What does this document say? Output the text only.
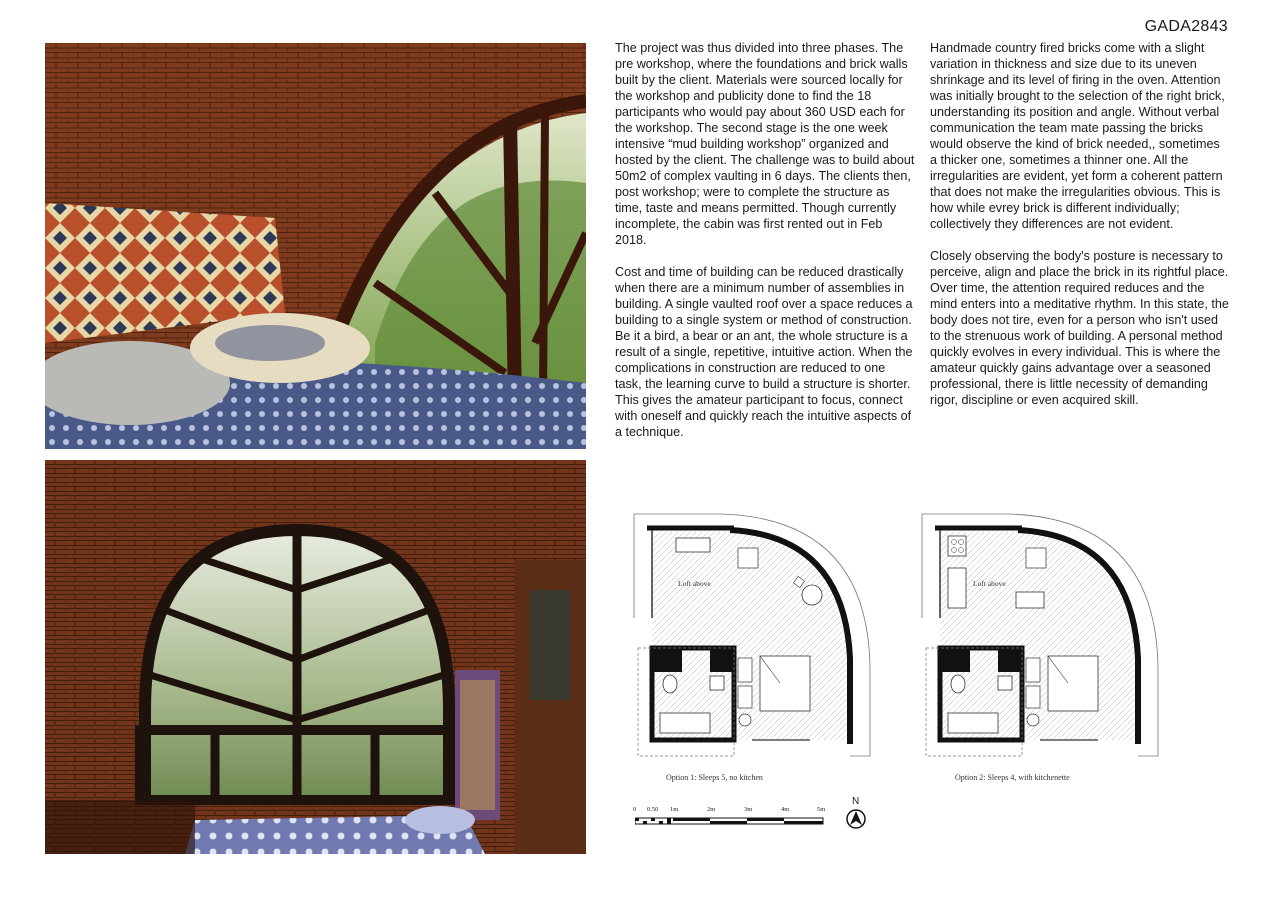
GADA2843

The project was thus divided into three phases. The pre workshop, where the foundations and brick walls built by the client. Materials were sourced locally for the workshop and publicity done to find the 18 participants who would pay about 360 USD each for the workshop. The second stage is the one week intensive “mud building workshop” organized and hosted by the client. The challenge was to build about 50m2 of complex vaulting in 6 days. The clients then, post workshop; were to complete the structure as time, taste and means permitted. Though currently incomplete, the cabin was first rented out in Feb 2018.

Cost and time of building can be reduced drastically when there are a minimum number of assemblies in building. A single vaulted roof over a space reduces a building to a single system or method of construction. Be it a bird, a bear or an ant, the whole structure is a result of a single, repetitive, intuitive action. When the complications in construction are reduced to one task, the learning curve to build a structure is shorter. This gives the amateur participant to focus, connect with oneself and quickly reach the intuitive aspects of a technique.

Handmade country fired bricks come with a slight variation in thickness and size due to its uneven shrinkage and its level of firing in the oven. Attention was initially brought to the selection of the right brick, understanding its position and angle. Without verbal communication the team mate passing the bricks would observe the kind of brick needed,, sometimes a thicker one, sometimes a thinner one. All the irregularities are evident, yet form a coherent pattern that does not make the irregularities obvious. This is how while evrey brick is different individually; collectively they differences are not evident.

Closely observing the body's posture is necessary to perceive, align and place the brick in its rightful place. Over time, the attention required reduces and the mind enters into a meditative rhythm. In this state, the body does not tire, even for a person who isn't used to the strenuous work of building. A personal method quickly evolves in every individual. This is where the amateur quickly gains advantage over a seasoned professional, there is little necessity of demanding rigor, discipline or even acquired skill.

Loft above	Loft above
Option 1: Sleeps 5, no kitchen	Option 2: Sleeps 4, with kitchenette
0 0.50 1m	2m	3m	4m	5m
N
